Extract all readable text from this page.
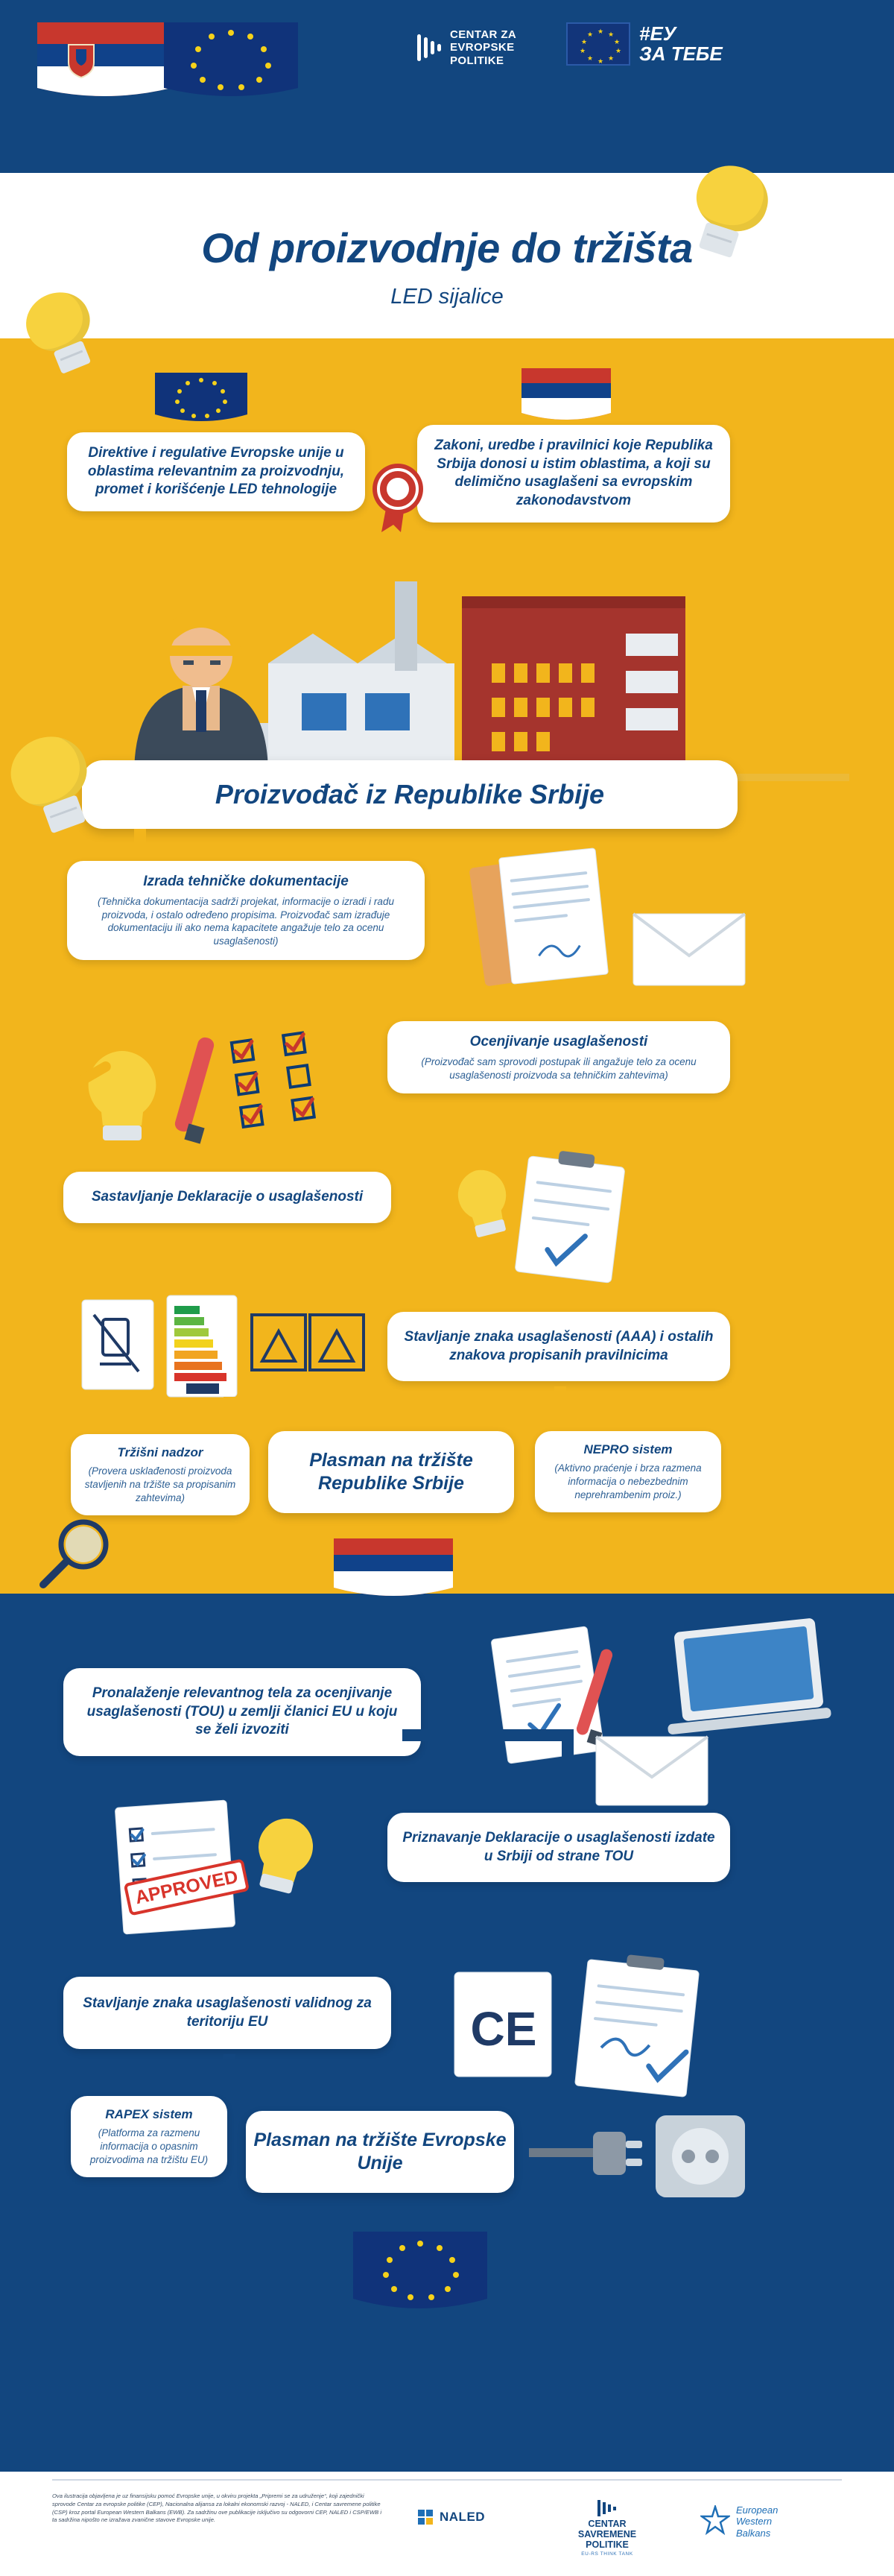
CENTAR ZA
EVROPSKE
POLITIKE
★ ★
★
★
★
★
★
★
★
★ #ЕУ
ЗА ТЕБЕ
Od proizvodnje do tržišta
LED sijalice
Direktive i regulative Evropske unije u oblastima relevantnim za proizvodnju, promet i korišćenje LED tehnologije
Zakoni, uredbe i pravilnici koje Republika Srbija donosi u istim oblastima, a koji su delimično usaglašeni sa evropskim zakonodavstvom
Proizvođač iz Republike Srbije
Izrada tehničke dokumentacije
(Tehnička dokumentacija sadrži projekat, informacije o izradi i radu proizvoda, i ostalo određeno propisima. Proizvođač sam izrađuje dokumentaciju ili ako nema kapacitete angažuje telo za ocenu usaglašenosti)
Ocenjivanje usaglašenosti
(Proizvođač sam sprovodi postupak ili angažuje telo za ocenu usaglašenosti proizvoda sa tehničkim zahtevima)
Sastavljanje Deklaracije o usaglašenosti
Stavljanje znaka usaglašenosti (AAA) i ostalih znakova propisanih pravilnicima
Tržišni nadzor
(Provera usklađenosti proizvoda stavljenih na tržište sa propisanim zahtevima)
Plasman na tržište Republike Srbije
NEPRO sistem
(Aktivno praćenje i brza razmena informacija o nebezbednim neprehrambenim proiz.)
Pronalaženje relevantnog tela za ocenjivanje usaglašenosti (TOU) u zemlji članici EU u koju se želi izvoziti
Priznavanje Deklaracije o usaglašenosti izdate u Srbiji od strane TOU
APPROVED
Stavljanje znaka usaglašenosti validnog za teritoriju EU	CE
RAPEX sistem
(Platforma za razmenu informacija o opasnim proizvodima na tržištu EU)
Plasman na tržište Evropske Unije
Ova ilustracija objavljena je uz finansijsku pomoć Evropske unije, u okviru projekta „Pripremi se za udruženje“, koji zajednički sprovode Centar za evropske politike (CEP), Nacionalna alijansa za lokalni ekonomski razvoj - NALED, i Centar savremene politike (CSP) kroz portal European Western Balkans (EWB). Za sadržinu ove publikacije isključivo su odgovorni CEP, NALED i CSP/EWB i ta sadržina nipošto ne izražava zvanične stavove Evropske unije.	NALED	CENTAR
SAVREMENE
POLITIKE
EU-RS THINK TANK
European
Western
Balkans
